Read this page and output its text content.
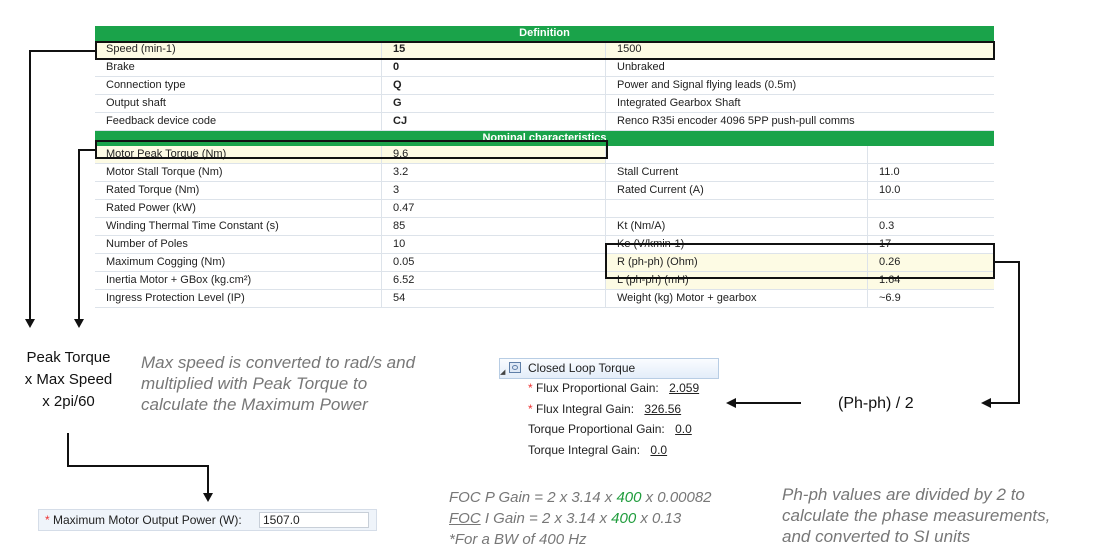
Definition
Speed (min-1)	15	1500
Brake	0	Unbraked
Connection type	Q	Power and Signal flying leads (0.5m)
Output shaft	G	Integrated Gearbox Shaft
Feedback device code	CJ	Renco R35i encoder 4096 5PP push-pull comms
Nominal characteristics
Motor Peak Torque (Nm)	9.6
Motor Stall Torque (Nm)	3.2	Stall Current	11.0
Rated Torque (Nm)	3	Rated Current (A)	10.0
Rated Power (kW)	0.47
Winding Thermal Time Constant (s)	85	Kt (Nm/A)	0.3
Number of Poles	10	Ke (V/kmin-1)	17
Maximum Cogging (Nm)	0.05	R (ph-ph) (Ohm)	0.26
Inertia Motor + GBox (kg.cm²)	6.52	L (ph-ph) (mH)	1.64
Ingress Protection Level (IP)	54	Weight (kg) Motor + gearbox	~6.9
Peak Torque
x Max Speed
x 2pi/60
Max speed is converted to rad/s and
multiplied with Peak Torque to
calculate the Maximum Power	(Ph-ph) / 2
FOC P Gain = 2 x 3.14 x 400 x 0.00082
FOC I Gain = 2 x 3.14 x 400 x 0.13
*For a BW of 400 Hz
Ph-ph values are divided by 2 to
calculate the phase measurements,
and converted to SI units
◢ Closed Loop Torque
* Flux Proportional Gain: 2.059
* Flux Integral Gain: 326.56
Torque Proportional Gain: 0.0
Torque Integral Gain: 0.0
* Maximum Motor Output Power (W):	1507.0
